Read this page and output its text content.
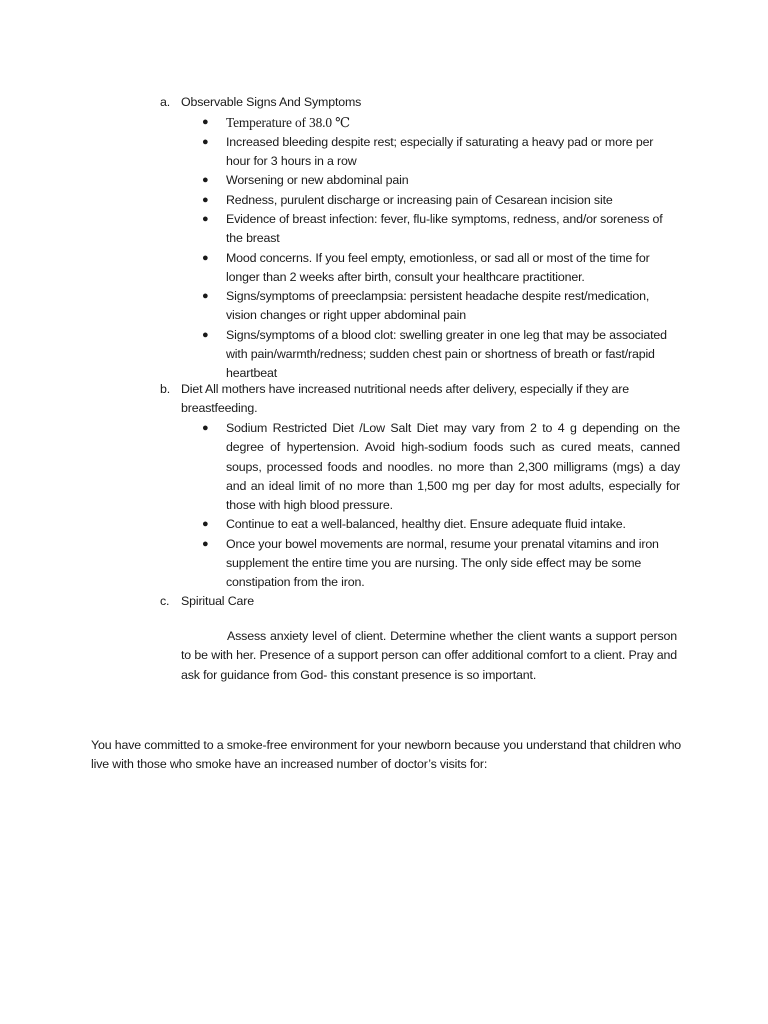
a. Observable Signs And Symptoms
● Temperature of 38.0 ℃
● Increased bleeding despite rest; especially if saturating a heavy pad or more per hour for 3 hours in a row
● Worsening or new abdominal pain
● Redness, purulent discharge or increasing pain of Cesarean incision site
● Evidence of breast infection: fever, flu-like symptoms, redness, and/or soreness of the breast
● Mood concerns. If you feel empty, emotionless, or sad all or most of the time for longer than 2 weeks after birth, consult your healthcare practitioner.
● Signs/symptoms of preeclampsia: persistent headache despite rest/medication, vision changes or right upper abdominal pain
● Signs/symptoms of a blood clot: swelling greater in one leg that may be associated with pain/warmth/redness; sudden chest pain or shortness of breath or fast/rapid heartbeat
b. Diet All mothers have increased nutritional needs after delivery, especially if they are breastfeeding.
● Sodium Restricted Diet /Low Salt Diet may vary from 2 to 4 g depending on the degree of hypertension. Avoid high-sodium foods such as cured meats, canned soups, processed foods and noodles. no more than 2,300 milligrams (mgs) a day and an ideal limit of no more than 1,500 mg per day for most adults, especially for those with high blood pressure.
● Continue to eat a well-balanced, healthy diet. Ensure adequate fluid intake.
● Once your bowel movements are normal, resume your prenatal vitamins and iron supplement the entire time you are nursing. The only side effect may be some constipation from the iron.
c. Spiritual Care
Assess anxiety level of client. Determine whether the client wants a support person to be with her. Presence of a support person can offer additional comfort to a client. Pray and ask for guidance from God- this constant presence is so important.
You have committed to a smoke-free environment for your newborn because you understand that children who live with those who smoke have an increased number of doctor’s visits for:
